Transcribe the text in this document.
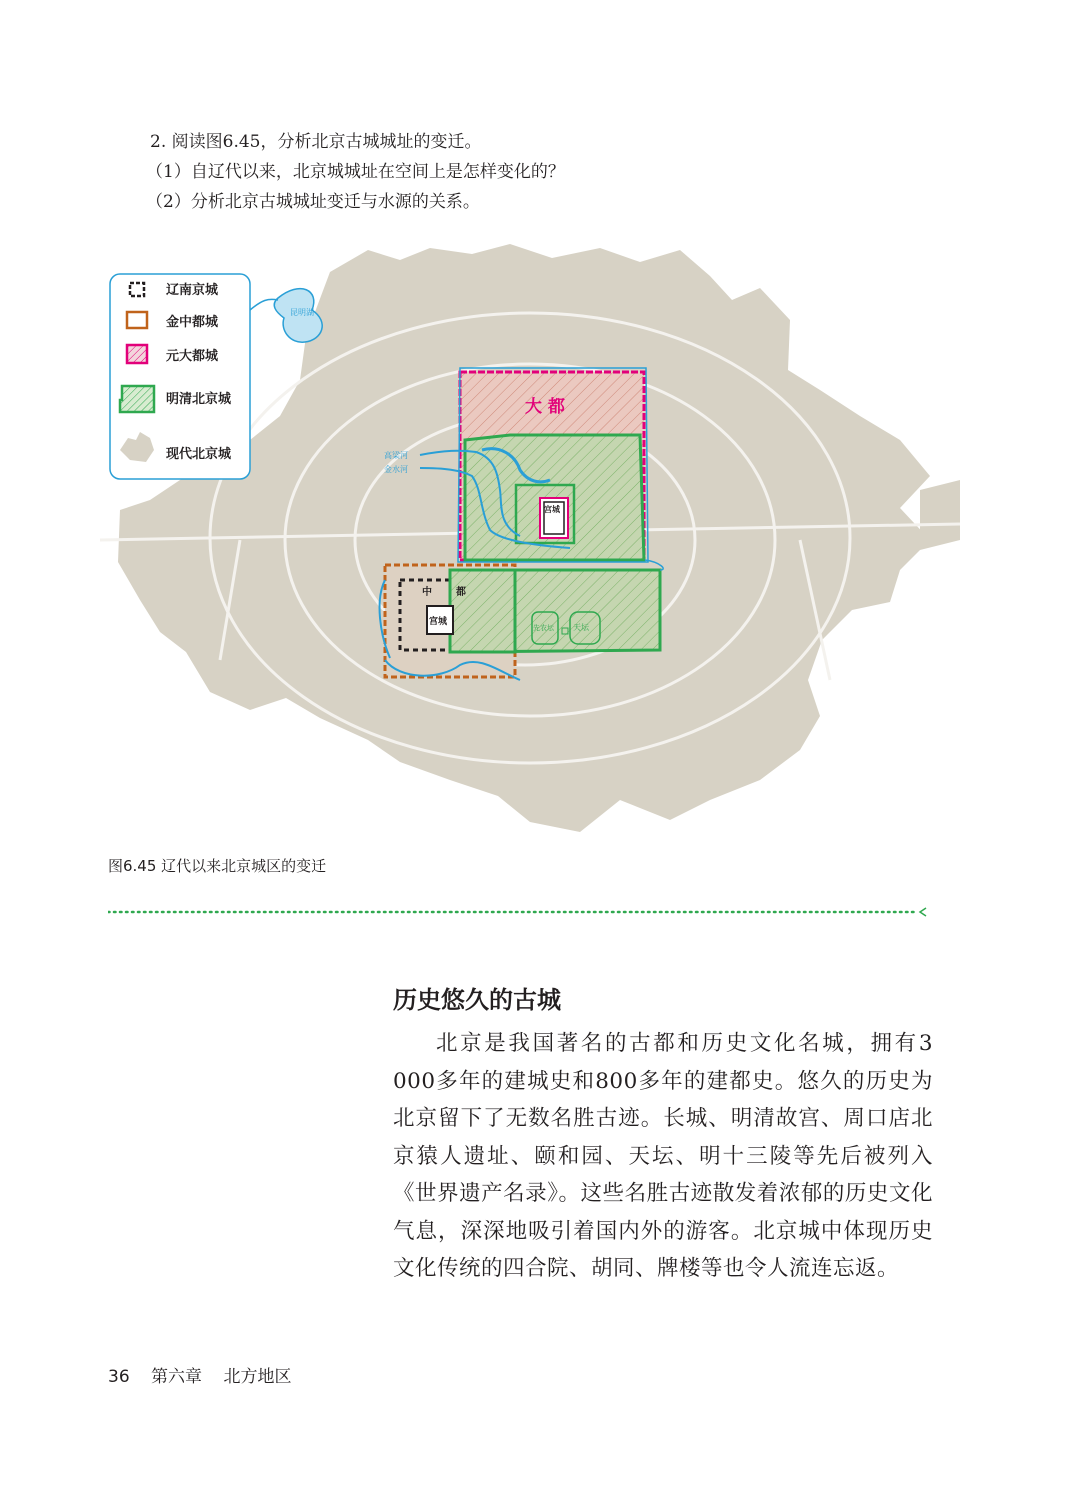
2. 阅读图6.45，分析北京古城城址的变迁。
（1）自辽代以来，北京城城址在空间上是怎样变化的？
（2）分析北京古城城址变迁与水源的关系。
大 都
中 都
宫城
宫城
高梁河
金水河
昆明湖
天坛
先农坛
辽南京城
金中都城
元大都城
明清北京城
现代北京城
图6.45 辽代以来北京城区的变迁
历史悠久的古城
北京是我国著名的古都和历史文化名城，拥有3 000多年的建城史和800多年的建都史。悠久的历史为北京留下了无数名胜古迹。长城、明清故宫、周口店北京猿人遗址、颐和园、天坛、明十三陵等先后被列入《世界遗产名录》。这些名胜古迹散发着浓郁的历史文化气息，深深地吸引着国内外的游客。北京城中体现历史文化传统的四合院、胡同、牌楼等也令人流连忘返。
36 第六章 北方地区
